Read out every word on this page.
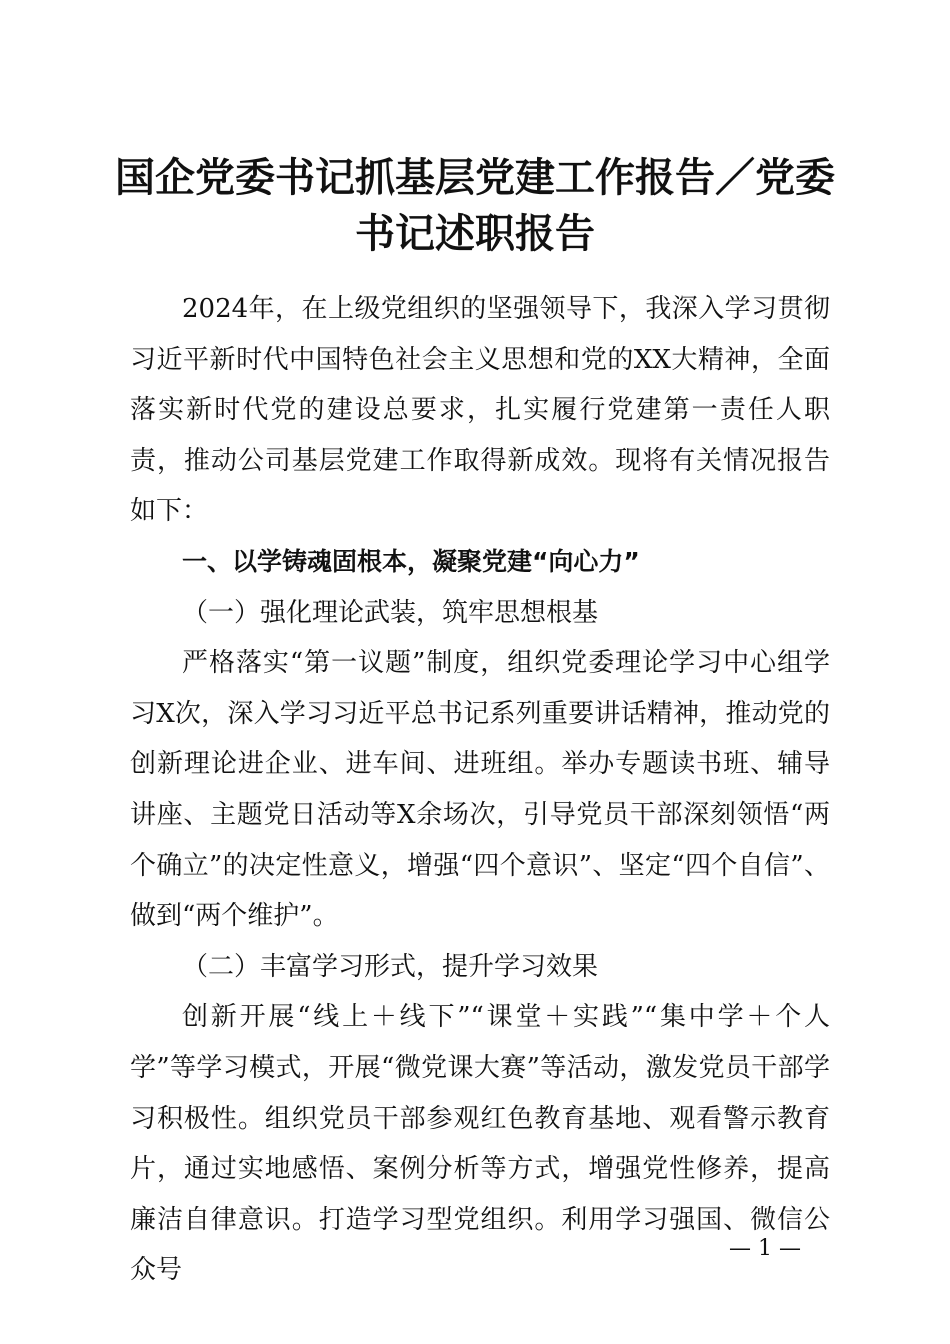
国企党委书记抓基层党建工作报告／党委书记述职报告

2024年，在上级党组织的坚强领导下，我深入学习贯彻习近平新时代中国特色社会主义思想和党的XX大精神，全面落实新时代党的建设总要求，扎实履行党建第一责任人职责，推动公司基层党建工作取得新成效。现将有关情况报告如下：

一、以学铸魂固根本，凝聚党建“向心力”

（一）强化理论武装，筑牢思想根基

严格落实“第一议题”制度，组织党委理论学习中心组学习X次，深入学习习近平总书记系列重要讲话精神，推动党的创新理论进企业、进车间、进班组。举办专题读书班、辅导讲座、主题党日活动等X余场次，引导党员干部深刻领悟“两个确立”的决定性意义，增强“四个意识”、坚定“四个自信”、做到“两个维护”。

（二）丰富学习形式，提升学习效果

创新开展“线上＋线下”“课堂＋实践”“集中学＋个人学”等学习模式，开展“微党课大赛”等活动，激发党员干部学习积极性。组织党员干部参观红色教育基地、观看警示教育片，通过实地感悟、案例分析等方式，增强党性修养，提高廉洁自律意识。打造学习型党组织。利用学习强国、微信公众号

— 1 —
